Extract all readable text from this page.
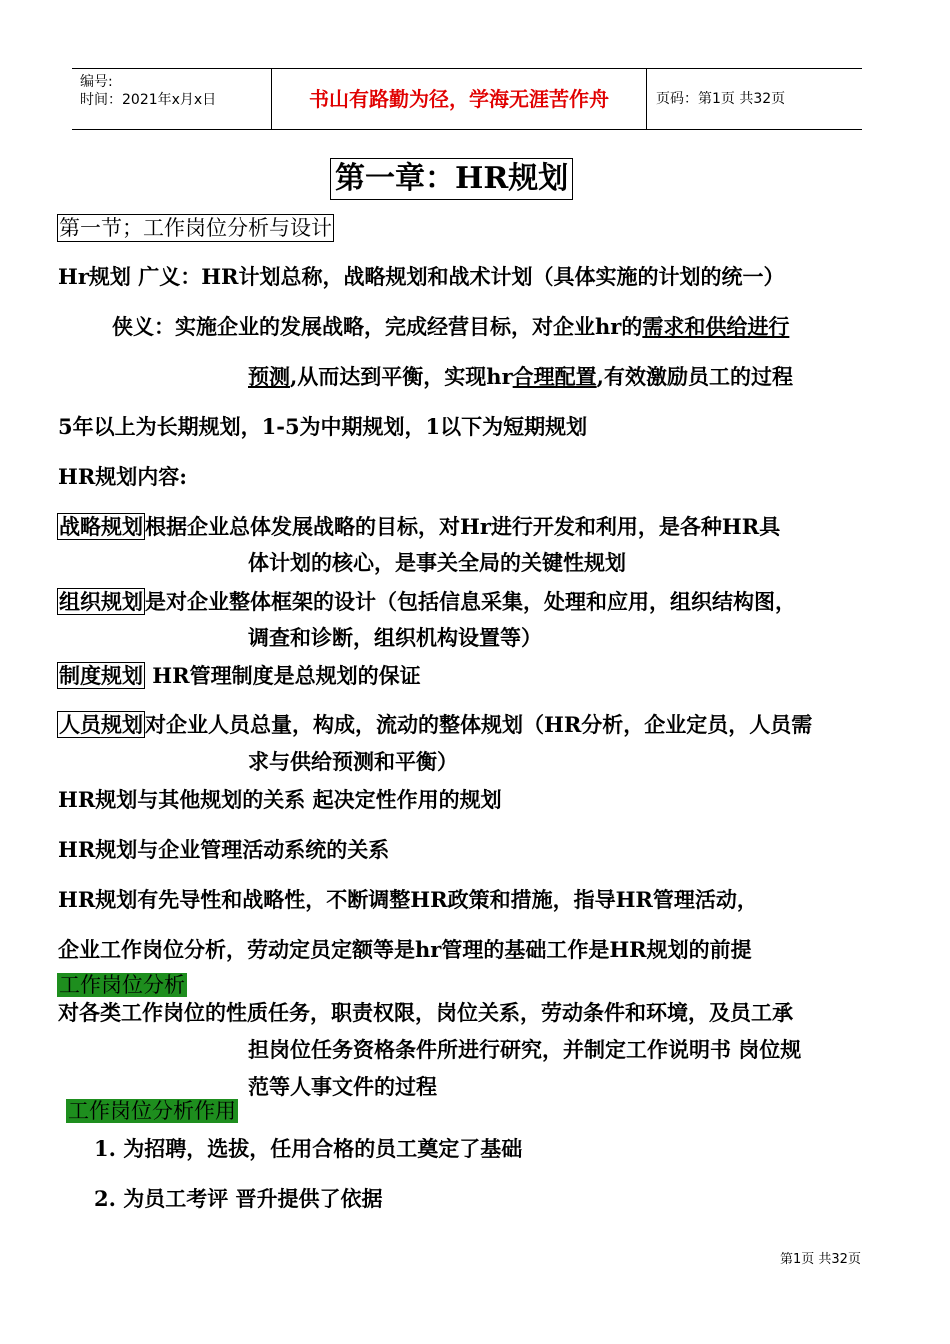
编号:
时间：2021年x月x日	书山有路勤为径，学海无涯苦作舟	页码：第1页 共32页
第一章：HR规划
第一节；工作岗位分析与设计
Hr规划 广义：HR计划总称，战略规划和战术计划（具体实施的计划的统一）
侠义：实施企业的发展战略，完成经营目标，对企业hr的需求和供给进行
预测,从而达到平衡，实现hr合理配置,有效激励员工的过程
5年以上为长期规划，1-5为中期规划，1以下为短期规划
HR规划内容:
战略规划根据企业总体发展战略的目标，对Hr进行开发和利用，是各种HR具
体计划的核心，是事关全局的关键性规划
组织规划是对企业整体框架的设计（包括信息采集，处理和应用，组织结构图，
调查和诊断，组织机构设置等）
制度规划 HR管理制度是总规划的保证
人员规划对企业人员总量，构成，流动的整体规划（HR分析，企业定员，人员需
求与供给预测和平衡）
HR规划与其他规划的关系 起决定性作用的规划
HR规划与企业管理活动系统的关系
HR规划有先导性和战略性，不断调整HR政策和措施，指导HR管理活动，
企业工作岗位分析，劳动定员定额等是hr管理的基础工作是HR规划的前提
工作岗位分析
对各类工作岗位的性质任务，职责权限，岗位关系，劳动条件和环境，及员工承
担岗位任务资格条件所进行研究，并制定工作说明书 岗位规
范等人事文件的过程
工作岗位分析作用
1. 为招聘，选拔，任用合格的员工奠定了基础
2. 为员工考评 晋升提供了依据
第1页 共32页
